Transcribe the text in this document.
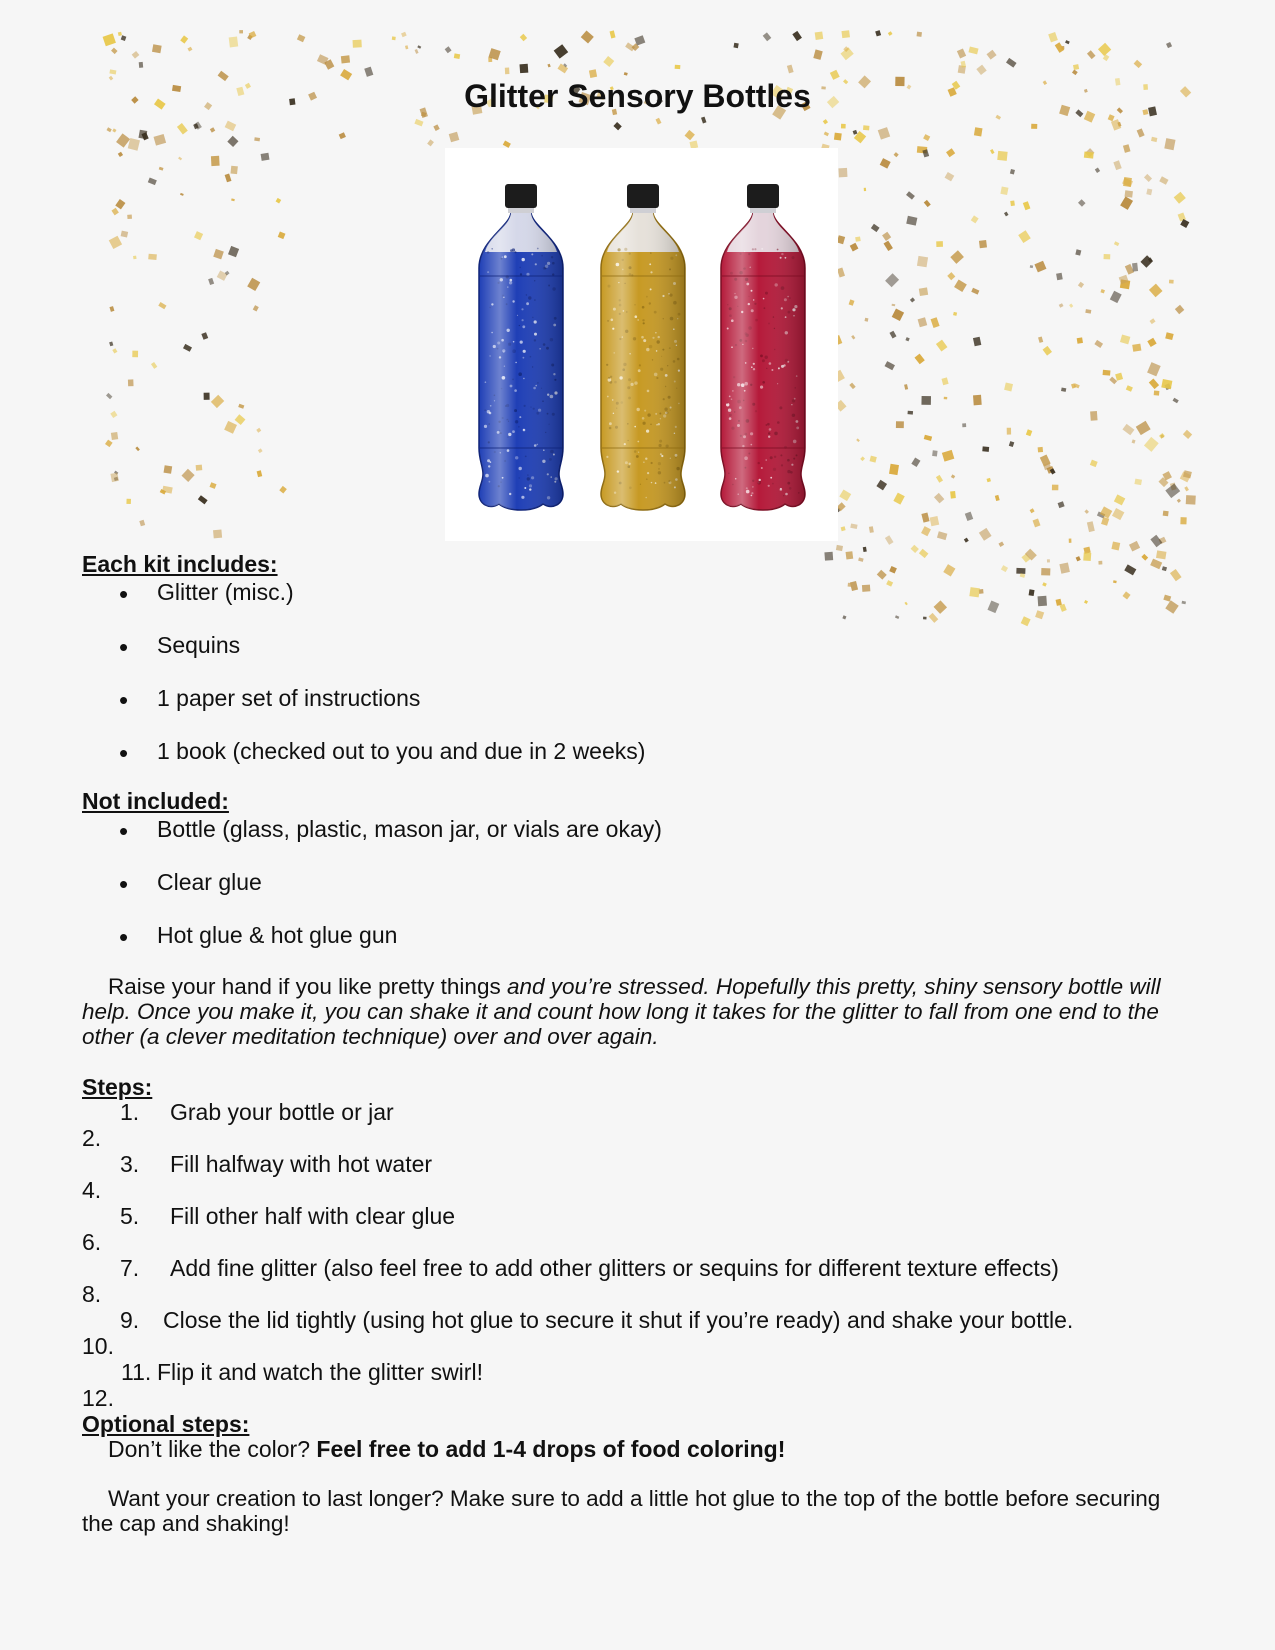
Glitter Sensory Bottles
Each kit includes:
• Glitter (misc.)
• Sequins
• 1 paper set of instructions
• 1 book (checked out to you and due in 2 weeks)
Not included:
• Bottle (glass, plastic, mason jar, or vials are okay)
• Clear glue
• Hot glue & hot glue gun
Raise your hand if you like pretty things and you’re stressed. Hopefully this pretty, shiny sensory bottle will help. Once you make it, you can shake it and count how long it takes for the glitter to fall from one end to the other (a clever meditation technique) over and over again.
Steps:
1. Grab your bottle or jar
2.
3. Fill halfway with hot water
4.
5. Fill other half with clear glue
6.
7. Add fine glitter (also feel free to add other glitters or sequins for different texture effects)
8.
9. Close the lid tightly (using hot glue to secure it shut if you’re ready) and shake your bottle.
10.
11. Flip it and watch the glitter swirl!
12.
Optional steps:
Don’t like the color? Feel free to add 1-4 drops of food coloring!
Want your creation to last longer? Make sure to add a little hot glue to the top of the bottle before securing the cap and shaking!
